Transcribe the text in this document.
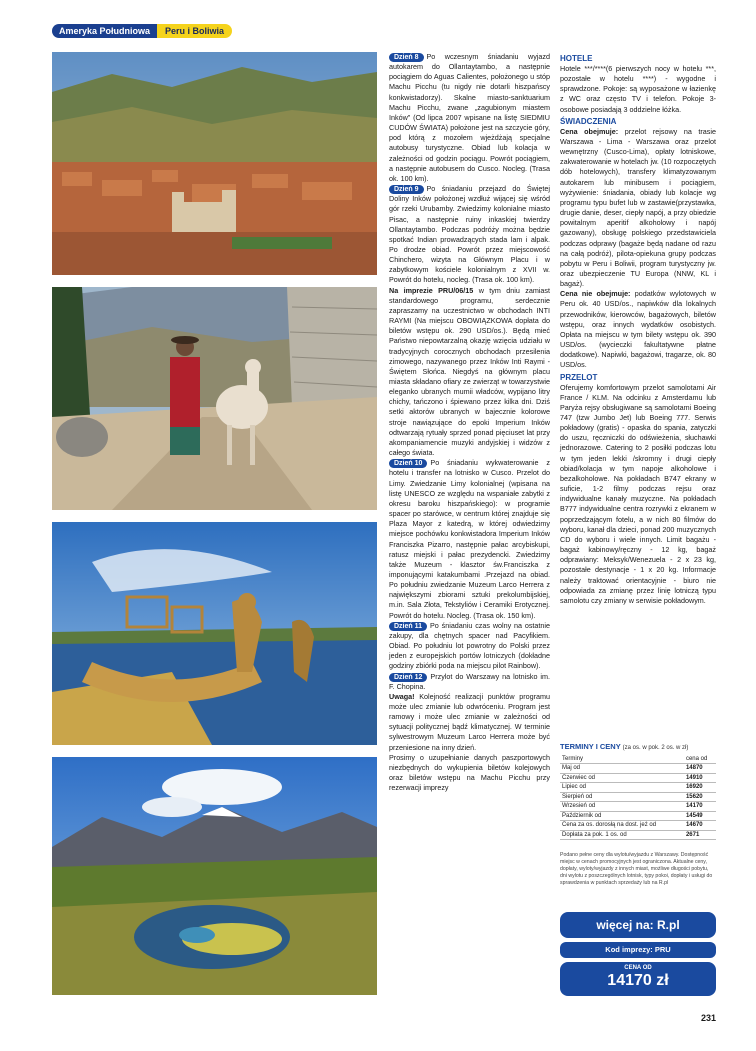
Ameryka Południowa	Peru i Boliwia

Dzień 8 Po wczesnym śniadaniu wyjazd autokarem do Ollantaytambo, a następnie pociągiem do Aguas Calientes, położonego u stóp Machu Picchu (tu nigdy nie dotarli hiszpańscy konkwistadorzy). Skalne miasto-sanktuarium Machu Picchu, zwane „zagubionym miastem Inków" (Od lipca 2007 wpisane na listę SIEDMIU CUDÓW ŚWIATA) położone jest na szczycie góry, pod którą z mozołem wjeżdżają specjalne autobusy turystyczne. Obiad lub kolacja w zależności od godzin pociągu. Powrót pociągiem, a następnie autobusem do Cusco. Nocleg. (Trasa ok. 100 km).

Dzień 9 Po śniadaniu przejazd do Świętej Doliny Inków położonej wzdłuż wijącej się wśród gór rzeki Urubamby. Zwiedzimy kolonialne miasto Pisac, a następnie ruiny inkaskiej twierdzy Ollantaytambo. Podczas podróży można będzie spotkać Indian prowadzących stada lam i alpak. Po drodze obiad. Powrót przez miejscowość Chinchero, wizyta na Głównym Placu i w zabytkowym kościele kolonialnym z XVII w. Powrót do hotelu, nocleg. (Trasa ok. 100 km).

Na imprezie PRU/06/15 w tym dniu zamiast standardowego programu, serdecznie zapraszamy na uczestnictwo w obchodach INTI RAYMI (Na miejscu OBOWIĄZKOWA dopłata do biletów wstępu ok. 290 USD/os.). Będą mieć Państwo niepowtarzalną okazję wzięcia udziału w tradycyjnych corocznych obchodach przesilenia zimowego, nazywanego przez Inków Inti Raymi - Świętem Słońca. Niegdyś na głównym placu miasta składano ofiary ze zwierząt w towarzystwie eleganko ubranych mumii władców, wypijano litry chichy, tańczono i śpiewano przez kilka dni. Dziś setki aktorów ubranych w bajecznie kolorowe stroje nawiązujące do epoki Imperium Inków odtwarzają rytuały sprzed ponad pięciuset lat przy akompaniamencie muzyki andyjskiej i widzów z całego świata.

Dzień 10 Po śniadaniu wykwaterowanie z hotelu i transfer na lotnisko w Cusco. Przelot do Limy. Zwiedzanie Limy kolonialnej (wpisana na listę UNESCO ze względu na wspaniałe zabytki z okresu baroku hiszpańskiego): w programie spacer po starówce, w centrum której znajduje się Plaza Mayor z katedrą, w której odwiedzimy miejsce pochówku konkwistadora Imperium Inków Franciszka Pizarro, następnie pałac arcybiskupi, ratusz miejski i pałac prezydencki. Zwiedzimy także Muzeum - klasztor św.Franciszka z imponującymi katakumbami .Przejazd na obiad. Po południu zwiedzanie Muzeum Larco Herrera z największymi zbiorami sztuki prekolumbijskiej, m.in. Sala Złota, Tekstyliów i Ceramiki Erotycznej. Powrót do hotelu. Nocleg. (Trasa ok. 150 km).

Dzień 11 Po śniadaniu czas wolny na ostatnie zakupy, dla chętnych spacer nad Pacyfikiem. Obiad. Po południu lot powrotny do Polski przez jeden z europejskich portów lotniczych (dokładne godziny zbiórki poda na miejscu pilot Rainbow).

Dzień 12 Przylot do Warszawy na lotnisko im. F. Chopina.

Uwaga! Kolejność realizacji punktów programu może ulec zmianie lub odwróceniu. Program jest ramowy i może ulec zmianie w zależności od sytuacji politycznej bądź klimatycznej. W terminie sylwestrowym Muzeum Larco Herrera może być przeniesione na inny dzień.

Prosimy o uzupełnianie danych paszportowych niezbędnych do wykupienia biletów kolejowych oraz biletów wstępu na Machu Picchu przy rezerwacji imprezy

HOTELE

Hotele ***/****(6 pierwszych nocy w hotelu ***, pozostałe w hotelu ****) - wygodne i sprawdzone. Pokoje: są wyposażone w łazienkę z WC oraz często TV i telefon. Pokoje 3-osobowe posiadają 3 oddzielne łóżka.

ŚWIADCZENIA

Cena obejmuje: przelot rejsowy na trasie Warszawa - Lima - Warszawa oraz przelot wewnętrzny (Cusco-Lima), opłaty lotniskowe, zakwaterowanie w hotelach jw. (10 rozpoczętych dób hotelowych), transfery klimatyzowanym autokarem lub minibusem i pociągiem, wyżywienie: śniadania, obiady lub kolacje wg programu typu bufet lub w zastawie(przystawka, drugie danie, deser, ciepły napój, a przy obiedzie powitalnym aperitif alkoholowy i napój gazowany), obsługę polskiego przedstawiciela podczas odprawy (bagaże będą nadane od razu na całą podróż), pilota-opiekuna grupy podczas pobytu w Peru i Boliwii, program turystyczny jw. oraz ubezpieczenie TU Europa (NNW, KL i bagaż).

Cena nie obejmuje: podatków wylotowych w Peru ok. 40 USD/os., napiwków dla lokalnych przewodników, kierowców, bagażowych, biletów wstępu, oraz innych wydatków osobistych. Opłata na miejscu w tym bilety wstępu ok. 390 USD/os. (wycieczki fakultatywne płatne dodatkowe). Napiwki, bagażowi, tragarze, ok. 80 USD/os.

PRZELOT

Oferujemy komfortowym przelot samolotami Air France / KLM. Na odcinku z Amsterdamu lub Paryża rejsy obsługiwane są samolotami Boeing 747 (tzw Jumbo Jet) lub Boeing 777. Serwis pokładowy (gratis) - opaska do spania, zatyczki do uszu, ręczniczki do odświeżenia, słuchawki jednorazowe. Catering to 2 posiłki podczas lotu w tym jeden lekki /skromny i drugi ciepły obiad/kolacja w tym napoje alkoholowe i bezalkoholowe. Na pokładach B747 ekrany w suficie, 1-2 filmy podczas rejsu oraz indywidualne kanały muzyczne. Na pokładach B777 indywidualne centra rozrywki z ekranem w poprzedzającym fotelu, a w nich 80 filmów do wyboru, kanał dla dzieci, ponad 200 muzycznych CD do wyboru i wiele innych. Limit bagażu - bagaż kabinowy/ręczny - 12 kg, bagaż odprawiany: Meksyk/Wenezuela - 2 x 23 kg, pozostałe destynacje - 1 x 20 kg. Informacje należy traktować orientacyjnie - biuro nie odpowiada za zmianę przez linię lotniczą typu samolotu czy zmiany w serwisie pokładowym.

TERMINY I CENY (za os. w pok. 2 os. w zł)
Terminy	cena od
Maj od	14870
Czerwiec od	14910
Lipiec od	16920
Sierpień od	15620
Wrzesień od	14170
Październik od	14549
Cena za os. dorosłą na dost. jeż od	14670
Dopłata za pok. 1 os. od	2671
Podano pełne ceny dla wylotu/wyjazdu z Warszawy. Dostępność miejsc w cenach promocyjnych jest ograniczona. Aktualne ceny, dopłaty, wyloty/wyjazdy z innych miast, możliwe długości pobytu, dni wylotu z poszczególnych lotnisk, typy pokoi, dopłaty i usługi do sprawdzenia w punktach sprzedaży lub na R.pl
więcej na: R.pl
Kod imprezy: PRU
CENA OD
14170 zł
231
